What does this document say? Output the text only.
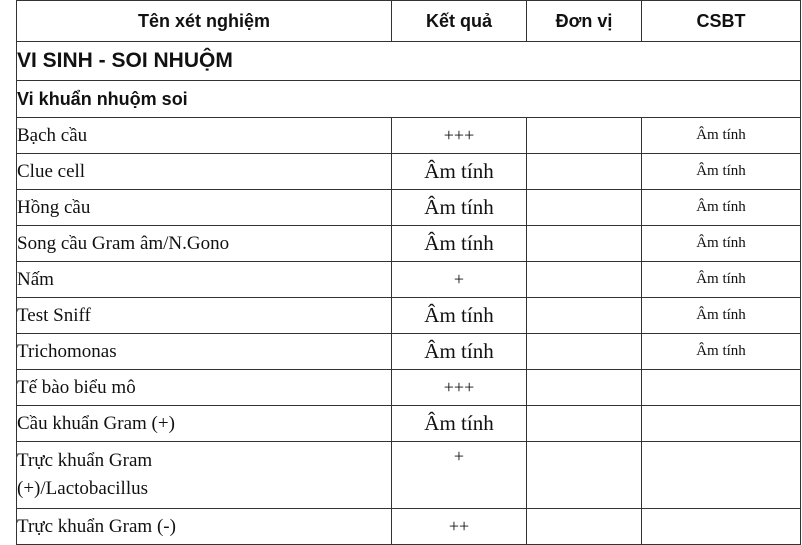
Tên xét nghiệm	Kết quả	Đơn vị	CSBT
VI SINH - SOI NHUỘM			
Vi khuẩn nhuộm soi			
Bạch cầu	+++		Âm tính
Clue cell	Âm tính		Âm tính
Hồng cầu	Âm tính		Âm tính
Song cầu Gram âm/N.Gono	Âm tính		Âm tính
Nấm	+		Âm tính
Test Sniff	Âm tính		Âm tính
Trichomonas	Âm tính		Âm tính
Tế bào biểu mô	+++		
Cầu khuẩn Gram (+)	Âm tính		

Trực khuẩn Gram
(+)/Lactobacillus	+		
Trực khuẩn Gram (-)	++		
